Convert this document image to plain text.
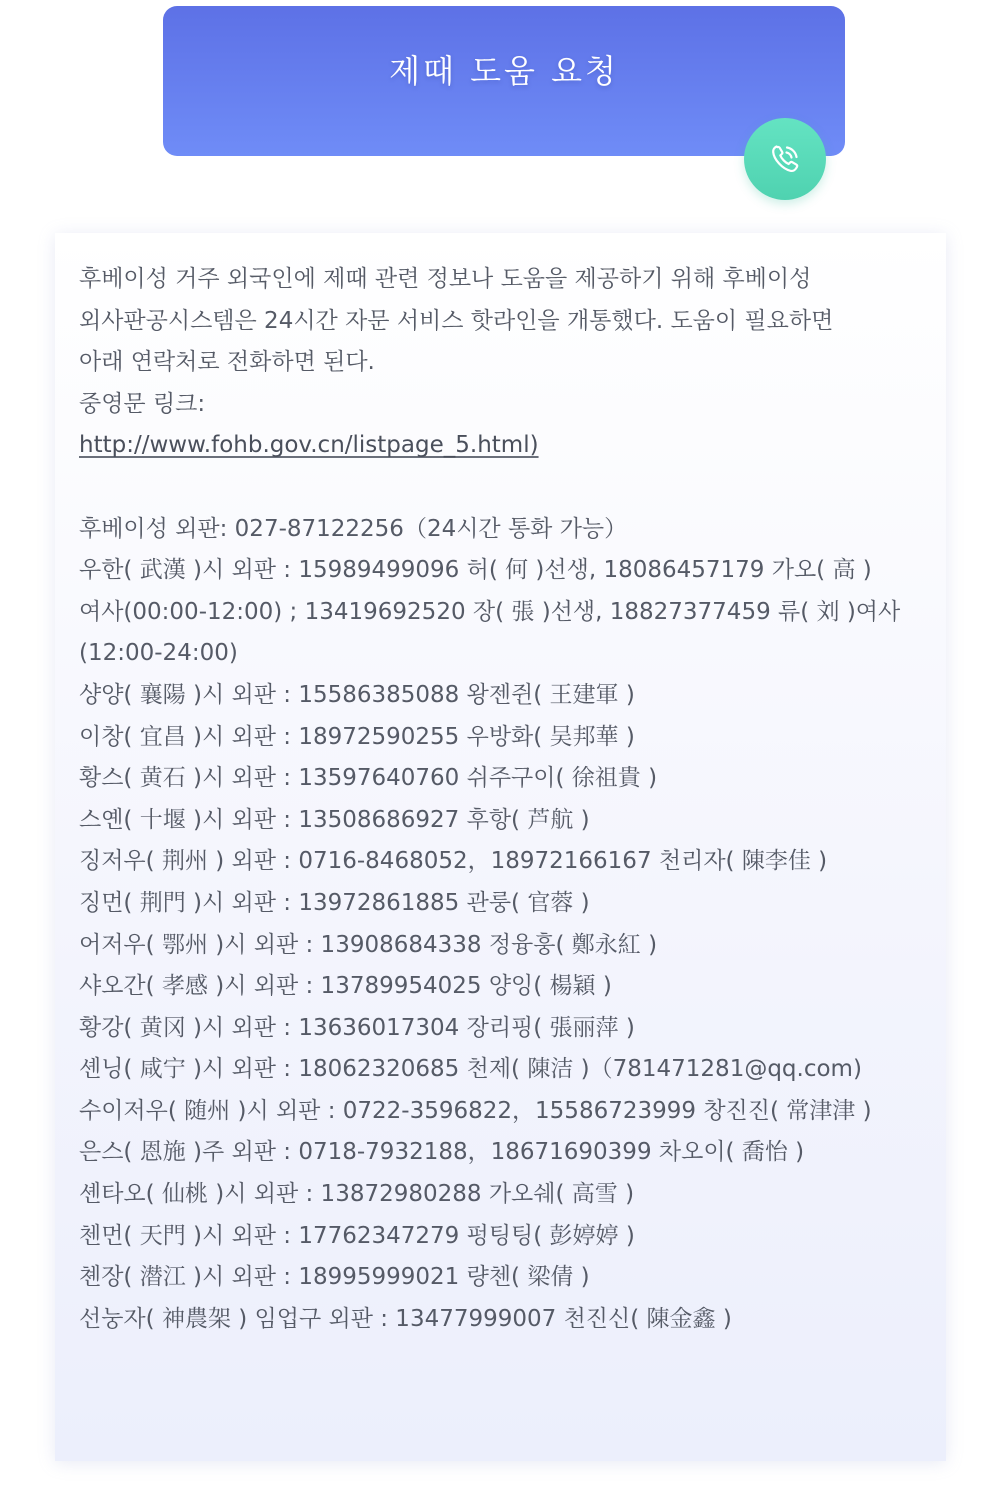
제때 도움 요청
후베이성 거주 외국인에 제때 관련 정보나 도움을 제공하기 위해 후베이성
외사판공시스템은 24시간 자문 서비스 핫라인을 개통했다. 도움이 필요하면
아래 연락처로 전화하면 된다.
중영문 링크:
http://www.fohb.gov.cn/listpage_5.html)
후베이성 외판: 027-87122256（24시간 통화 가능）
우한( 武漢 )시 외판 : 15989499096 허( 何 )선생, 18086457179 가오( 高 )
여사(00:00-12:00) ; 13419692520 장( 張 )선생, 18827377459 류( 刘 )여사
(12:00-24:00)
샹양( 襄陽 )시 외판 : 15586385088 왕젠쥔( 王建軍 )
이창( 宜昌 )시 외판 : 18972590255 우방화( 吴邦華 )
황스( 黄石 )시 외판 : 13597640760 쉬주구이( 徐祖貴 )
스옌( 十堰 )시 외판 : 13508686927 후항( 芦航 )
징저우( 荆州 ) 외판 : 0716-8468052，18972166167 천리자( 陳李佳 )
징먼( 荆門 )시 외판 : 13972861885 관룽( 官蓉 )
어저우( 鄂州 )시 외판 : 13908684338 정융훙( 鄭永紅 )
샤오간( 孝感 )시 외판 : 13789954025 양잉( 楊穎 )
황강( 黄冈 )시 외판 : 13636017304 장리핑( 張丽萍 )
셴닝( 咸宁 )시 외판 : 18062320685 천제( 陳洁 )（781471281@qq.com)
수이저우( 随州 )시 외판 : 0722-3596822，15586723999 창진진( 常津津 )
은스( 恩施 )주 외판 : 0718-7932188，18671690399 차오이( 喬怡 )
셴타오( 仙桃 )시 외판 : 13872980288 가오쉐( 高雪 )
첸먼( 天門 )시 외판 : 17762347279 펑팅팅( 彭婷婷 )
쳰장( 潜江 )시 외판 : 18995999021 량첸( 梁倩 )
선눙자( 神農架 ) 임업구 외판 : 13477999007 천진신( 陳金鑫 )
